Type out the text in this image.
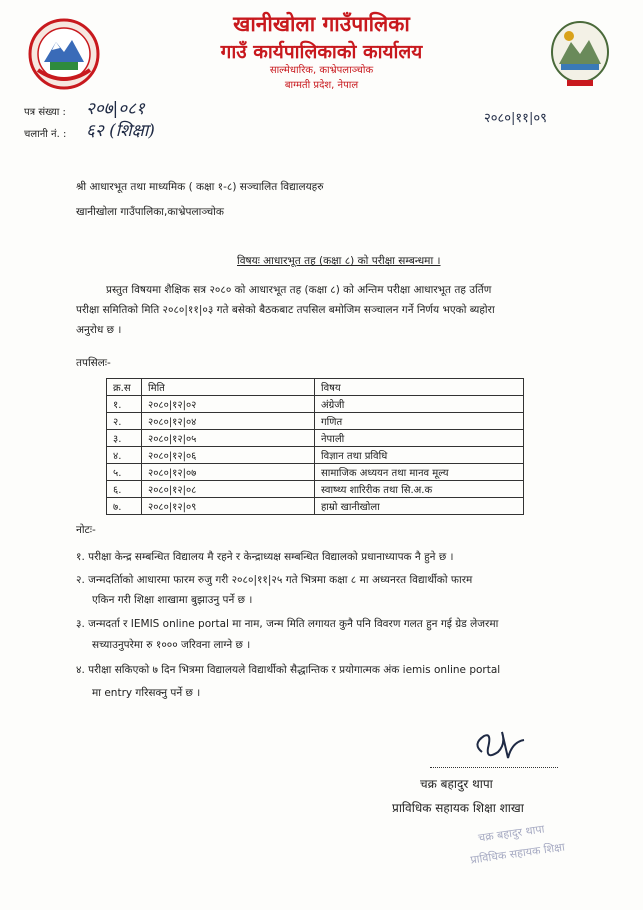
खानीखोला गाउँपालिका
गाउँ कार्यपालिकाको कार्यालय
साल्मेधारिक, काभ्रेपलाञ्चोक
बाग्मती प्रदेश, नेपाल
पत्र संख्या : २०७|०८१
चलानी नं. : ६२ (शिक्षा)
२०८०|११|०९
श्री आधारभूत तथा माध्यमिक ( कक्षा १-८) सञ्चालित विद्यालयहरु
खानीखोला गाउँपालिका,काभ्रेपलाञ्चोक
विषयः आधारभूत तह (कक्षा ८) को परीक्षा सम्बन्धमा ।
प्रस्तुत विषयमा शैक्षिक सत्र २०८० को आधारभूत तह (कक्षा ८) को अन्तिम परीक्षा आधारभूत तह उर्तिण
परीक्षा समितिको मिति २०८०|११|०३ गते बसेको बैठकबाट तपसिल बमोजिम सञ्चालन गर्ने निर्णय भएको ब्यहोरा
अनुरोध छ ।
तपसिलः-
क्र.स	मिति	विषय
१.	२०८०|१२|०२	अंग्रेजी
२.	२०८०|१२|०४	गणित
३.	२०८०|१२|०५	नेपाली
४.	२०८०|१२|०६	विज्ञान तथा प्रविधि
५.	२०८०|१२|०७	सामाजिक अध्ययन तथा मानव मूल्य
६.	२०८०|१२|०८	स्वाष्थ्य शारिरीक तथा सि.अ.क
७.	२०८०|१२|०९	हाम्रो खानीखोला
नोटः-
१. परीक्षा केन्द्र सम्बन्धित विद्यालय मै रहने र केन्द्राध्यक्ष सम्बन्धित विद्यालको प्रधानाध्यापक नै हुने छ ।
२. जन्मदर्तािको आधारमा फारम रुजु गरी २०८०|११|२५ गते भित्रमा कक्षा ८ मा अध्यनरत विद्यार्थीको फारम
एकिन गरी शिक्षा शाखामा बुझाउनु पर्ने छ ।
३. जन्मदर्ता र IEMIS online portal मा नाम, जन्म मिति लगायत कुनै पनि विवरण गलत हुन गई ग्रेड लेजरमा
सच्याउनुपरेमा रु १००० जरिवना लाग्ने छ ।
४. परीक्षा सकिएको ७ दिन भित्रमा विद्यालयले विद्यार्थीको सैद्धान्तिक र प्रयोगात्मक अंक iemis online portal
मा entry गरिसक्नु पर्ने छ ।
चक्र बहादुर थापा
प्राविधिक सहायक शिक्षा शाखा
चक्र बहादुर थापा
प्राविधिक सहायक शिक्षा
